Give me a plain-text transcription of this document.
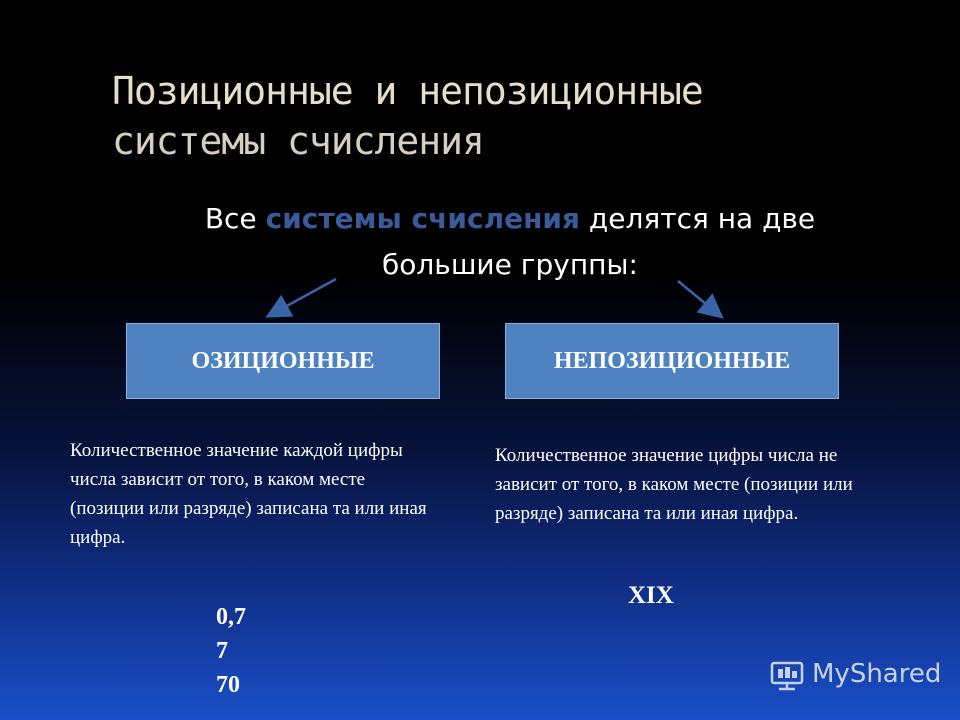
Позиционные и непозиционные
системы счисления
Все системы счисления делятся на две
большие группы:
ОЗИЦИОННЫЕ	НЕПОЗИЦИОННЫЕ
Количественное значение каждой цифры числа зависит от того, в каком месте (позиции или разряде) записана та или иная цифра.
Количественное значение цифры числа не зависит от того, в каком месте (позиции или разряде) записана та или иная цифра.
0,7
7
70
XIX
MyShared
